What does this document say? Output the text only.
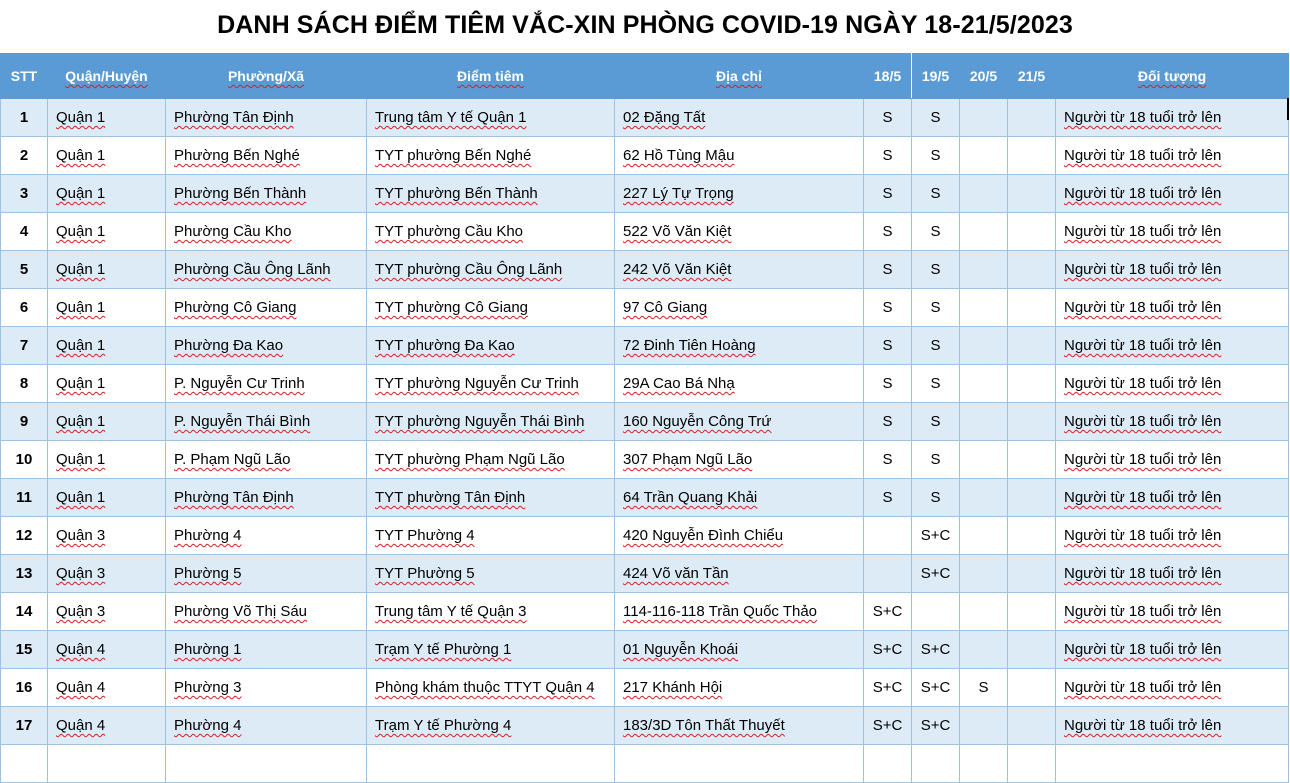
DANH SÁCH ĐIỂM TIÊM VẮC-XIN PHÒNG COVID-19 NGÀY 18-21/5/2023
STT	Quận/Huyện	Phường/Xã	Điểm tiêm	Địa chỉ	18/5	19/5	20/5	21/5	Đối tượng
1	Quận 1	Phường Tân Định	Trung tâm Y tế Quận 1	02 Đặng Tất	S	S			Người từ 18 tuổi trở lên
2	Quận 1	Phường Bến Nghé	TYT phường Bến Nghé	62 Hồ Tùng Mậu	S	S			Người từ 18 tuổi trở lên
3	Quận 1	Phường Bến Thành	TYT phường Bến Thành	227 Lý Tự Trọng	S	S			Người từ 18 tuổi trở lên
4	Quận 1	Phường Cầu Kho	TYT phường Cầu Kho	522 Võ Văn Kiệt	S	S			Người từ 18 tuổi trở lên
5	Quận 1	Phường Cầu Ông Lãnh	TYT phường Cầu Ông Lãnh	242 Võ Văn Kiệt	S	S			Người từ 18 tuổi trở lên
6	Quận 1	Phường Cô Giang	TYT phường Cô Giang	97 Cô Giang	S	S			Người từ 18 tuổi trở lên
7	Quận 1	Phường Đa Kao	TYT phường Đa Kao	72 Đinh Tiên Hoàng	S	S			Người từ 18 tuổi trở lên
8	Quận 1	P. Nguyễn Cư Trinh	TYT phường Nguyễn Cư Trinh	29A Cao Bá Nhạ	S	S			Người từ 18 tuổi trở lên
9	Quận 1	P. Nguyễn Thái Bình	TYT phường Nguyễn Thái Bình	160 Nguyễn Công Trứ	S	S			Người từ 18 tuổi trở lên
10	Quận 1	P. Phạm Ngũ Lão	TYT phường Phạm Ngũ Lão	307 Phạm Ngũ Lão	S	S			Người từ 18 tuổi trở lên
11	Quận 1	Phường Tân Định	TYT phường Tân Định	64 Trần Quang Khải	S	S			Người từ 18 tuổi trở lên
12	Quận 3	Phường 4	TYT Phường 4	420 Nguyễn Đình Chiểu		S+C			Người từ 18 tuổi trở lên
13	Quận 3	Phường 5	TYT Phường 5	424 Võ văn Tần		S+C			Người từ 18 tuổi trở lên
14	Quận 3	Phường Võ Thị Sáu	Trung tâm Y tế Quận 3	114-116-118 Trần Quốc Thảo	S+C				Người từ 18 tuổi trở lên
15	Quận 4	Phường 1	Trạm Y tế Phường 1	01 Nguyễn Khoái	S+C	S+C			Người từ 18 tuổi trở lên
16	Quận 4	Phường 3	Phòng khám thuộc TTYT Quận 4	217 Khánh Hội	S+C	S+C	S		Người từ 18 tuổi trở lên
17	Quận 4	Phường 4	Trạm Y tế Phường 4	183/3D Tôn Thất Thuyết	S+C	S+C			Người từ 18 tuổi trở lên
